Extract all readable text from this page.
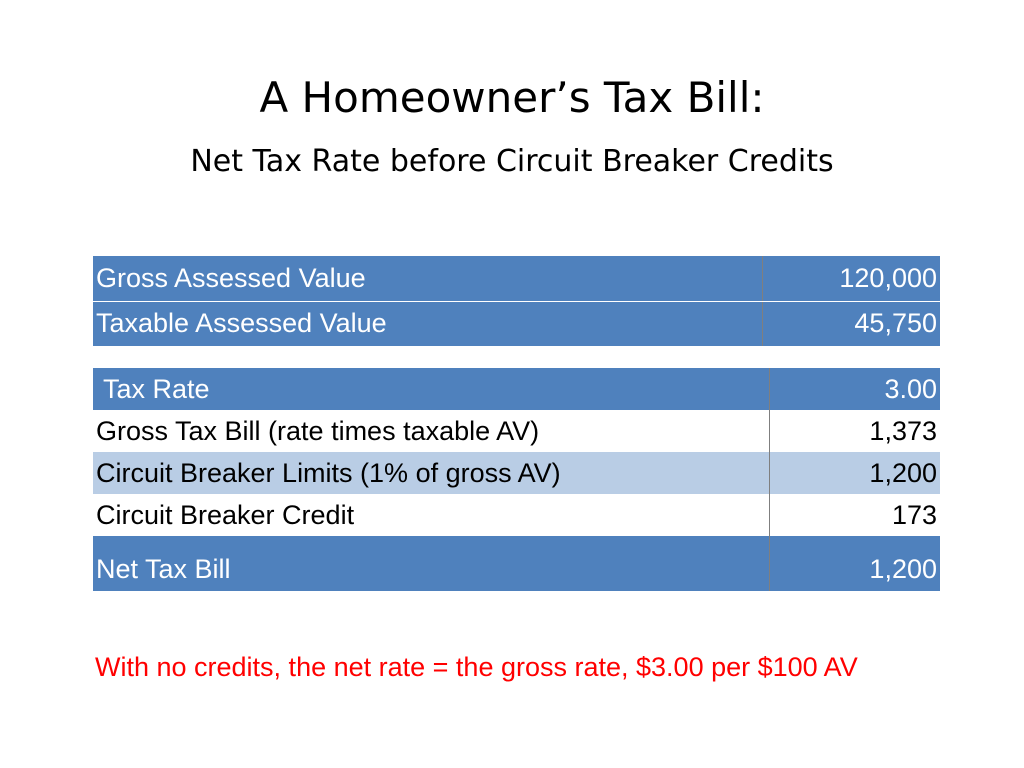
A Homeowner’s Tax Bill:
Net Tax Rate before Circuit Breaker Credits
Gross Assessed Value	120,000
Taxable Assessed Value	45,750
Tax Rate	3.00
Gross Tax Bill (rate times taxable AV)	1,373
Circuit Breaker Limits (1% of gross AV)	1,200
Circuit Breaker Credit	173
Net Tax Bill	1,200
With no credits, the net rate = the gross rate, $3.00 per $100 AV
